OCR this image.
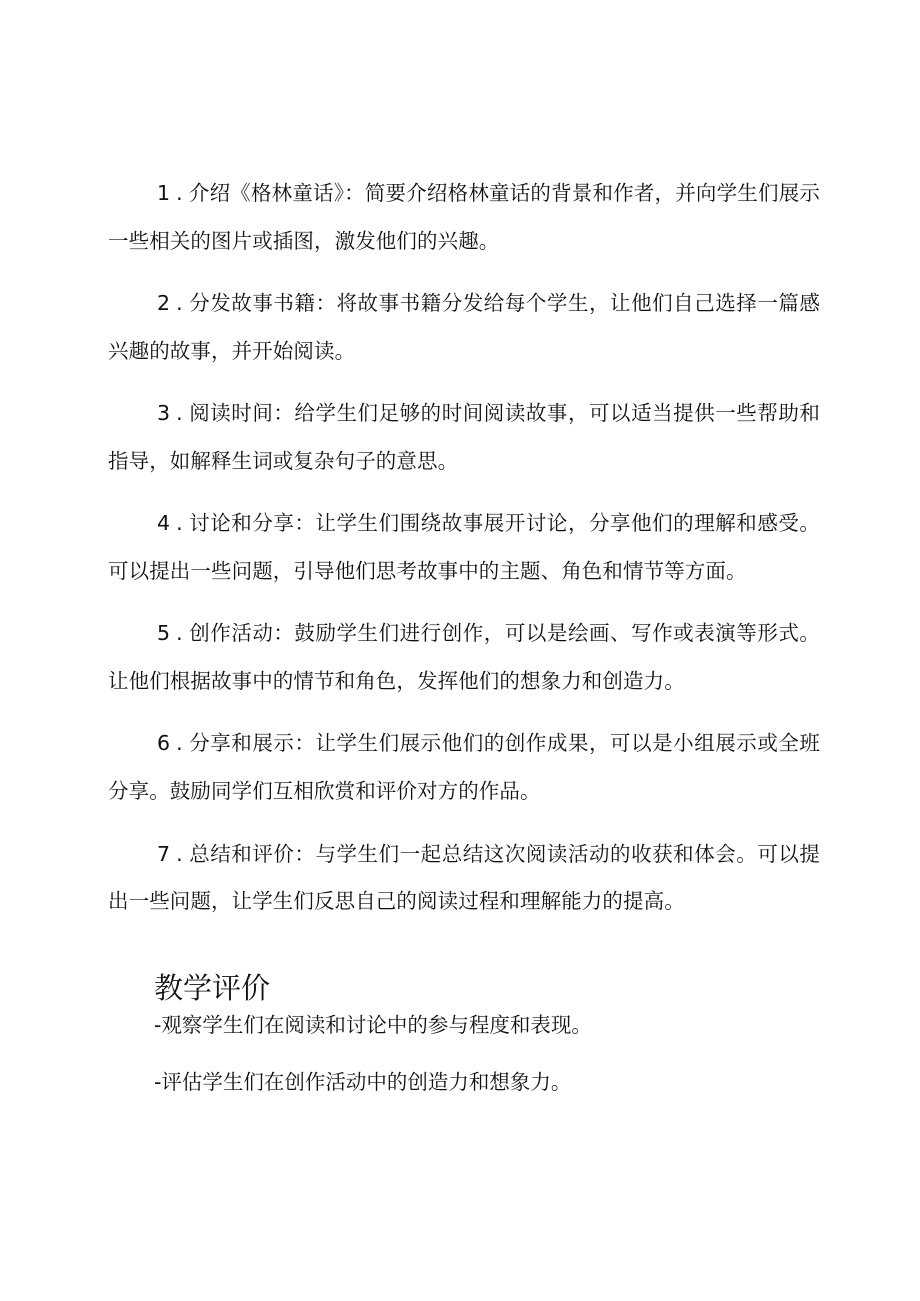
1 . 介绍《格林童话》：简要介绍格林童话的背景和作者，并向学生们展示一些相关的图片或插图，激发他们的兴趣。
2 . 分发故事书籍：将故事书籍分发给每个学生，让他们自己选择一篇感兴趣的故事，并开始阅读。
3 . 阅读时间：给学生们足够的时间阅读故事，可以适当提供一些帮助和指导，如解释生词或复杂句子的意思。
4 . 讨论和分享：让学生们围绕故事展开讨论，分享他们的理解和感受。可以提出一些问题，引导他们思考故事中的主题、角色和情节等方面。
5 . 创作活动：鼓励学生们进行创作，可以是绘画、写作或表演等形式。让他们根据故事中的情节和角色，发挥他们的想象力和创造力。
6 . 分享和展示：让学生们展示他们的创作成果，可以是小组展示或全班分享。鼓励同学们互相欣赏和评价对方的作品。
7 . 总结和评价：与学生们一起总结这次阅读活动的收获和体会。可以提出一些问题，让学生们反思自己的阅读过程和理解能力的提高。
教学评价
-观察学生们在阅读和讨论中的参与程度和表现。
-评估学生们在创作活动中的创造力和想象力。
